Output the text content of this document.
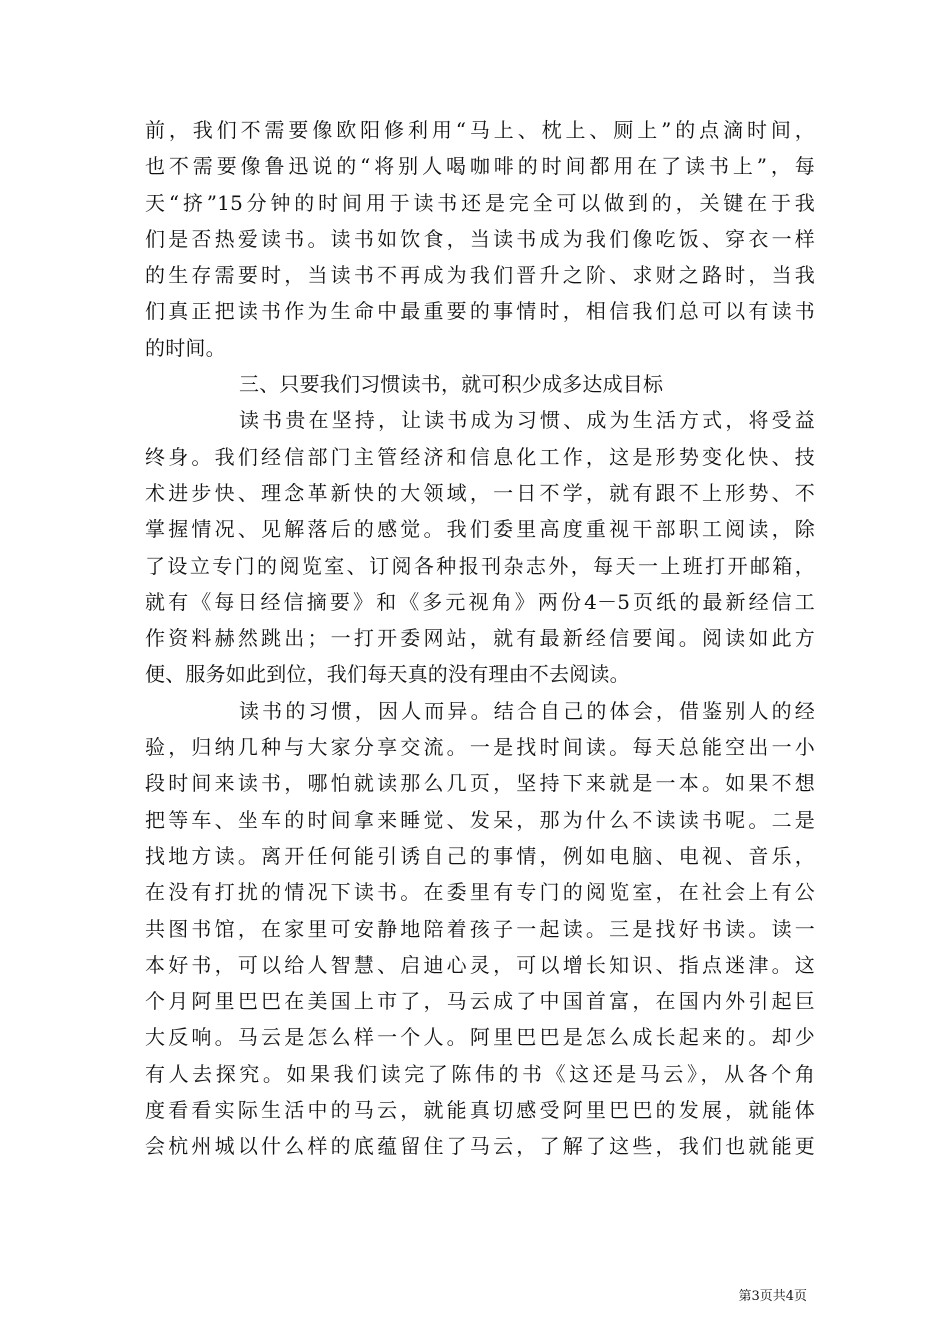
前，我们不需要像欧阳修利用“马上、枕上、厕上”的点滴时间，
也不需要像鲁迅说的“将别人喝咖啡的时间都用在了读书上”，每
天“挤”15分钟的时间用于读书还是完全可以做到的，关键在于我
们是否热爱读书。读书如饮食，当读书成为我们像吃饭、穿衣一样
的生存需要时，当读书不再成为我们晋升之阶、求财之路时，当我
们真正把读书作为生命中最重要的事情时，相信我们总可以有读书
的时间。
三、只要我们习惯读书，就可积少成多达成目标
读书贵在坚持，让读书成为习惯、成为生活方式，将受益
终身。我们经信部门主管经济和信息化工作，这是形势变化快、技
术进步快、理念革新快的大领域，一日不学，就有跟不上形势、不
掌握情况、见解落后的感觉。我们委里高度重视干部职工阅读，除
了设立专门的阅览室、订阅各种报刊杂志外，每天一上班打开邮箱，
就有《每日经信摘要》和《多元视角》两份4－5页纸的最新经信工
作资料赫然跳出；一打开委网站，就有最新经信要闻。阅读如此方
便、服务如此到位，我们每天真的没有理由不去阅读。
读书的习惯，因人而异。结合自己的体会，借鉴别人的经
验，归纳几种与大家分享交流。一是找时间读。每天总能空出一小
段时间来读书，哪怕就读那么几页，坚持下来就是一本。如果不想
把等车、坐车的时间拿来睡觉、发呆，那为什么不读读书呢。二是
找地方读。离开任何能引诱自己的事情，例如电脑、电视、音乐，
在没有打扰的情况下读书。在委里有专门的阅览室，在社会上有公
共图书馆，在家里可安静地陪着孩子一起读。三是找好书读。读一
本好书，可以给人智慧、启迪心灵，可以增长知识、指点迷津。这
个月阿里巴巴在美国上市了，马云成了中国首富，在国内外引起巨
大反响。马云是怎么样一个人。阿里巴巴是怎么成长起来的。却少
有人去探究。如果我们读完了陈伟的书《这还是马云》，从各个角
度看看实际生活中的马云，就能真切感受阿里巴巴的发展，就能体
会杭州城以什么样的底蕴留住了马云，了解了这些，我们也就能更
第3页共4页
